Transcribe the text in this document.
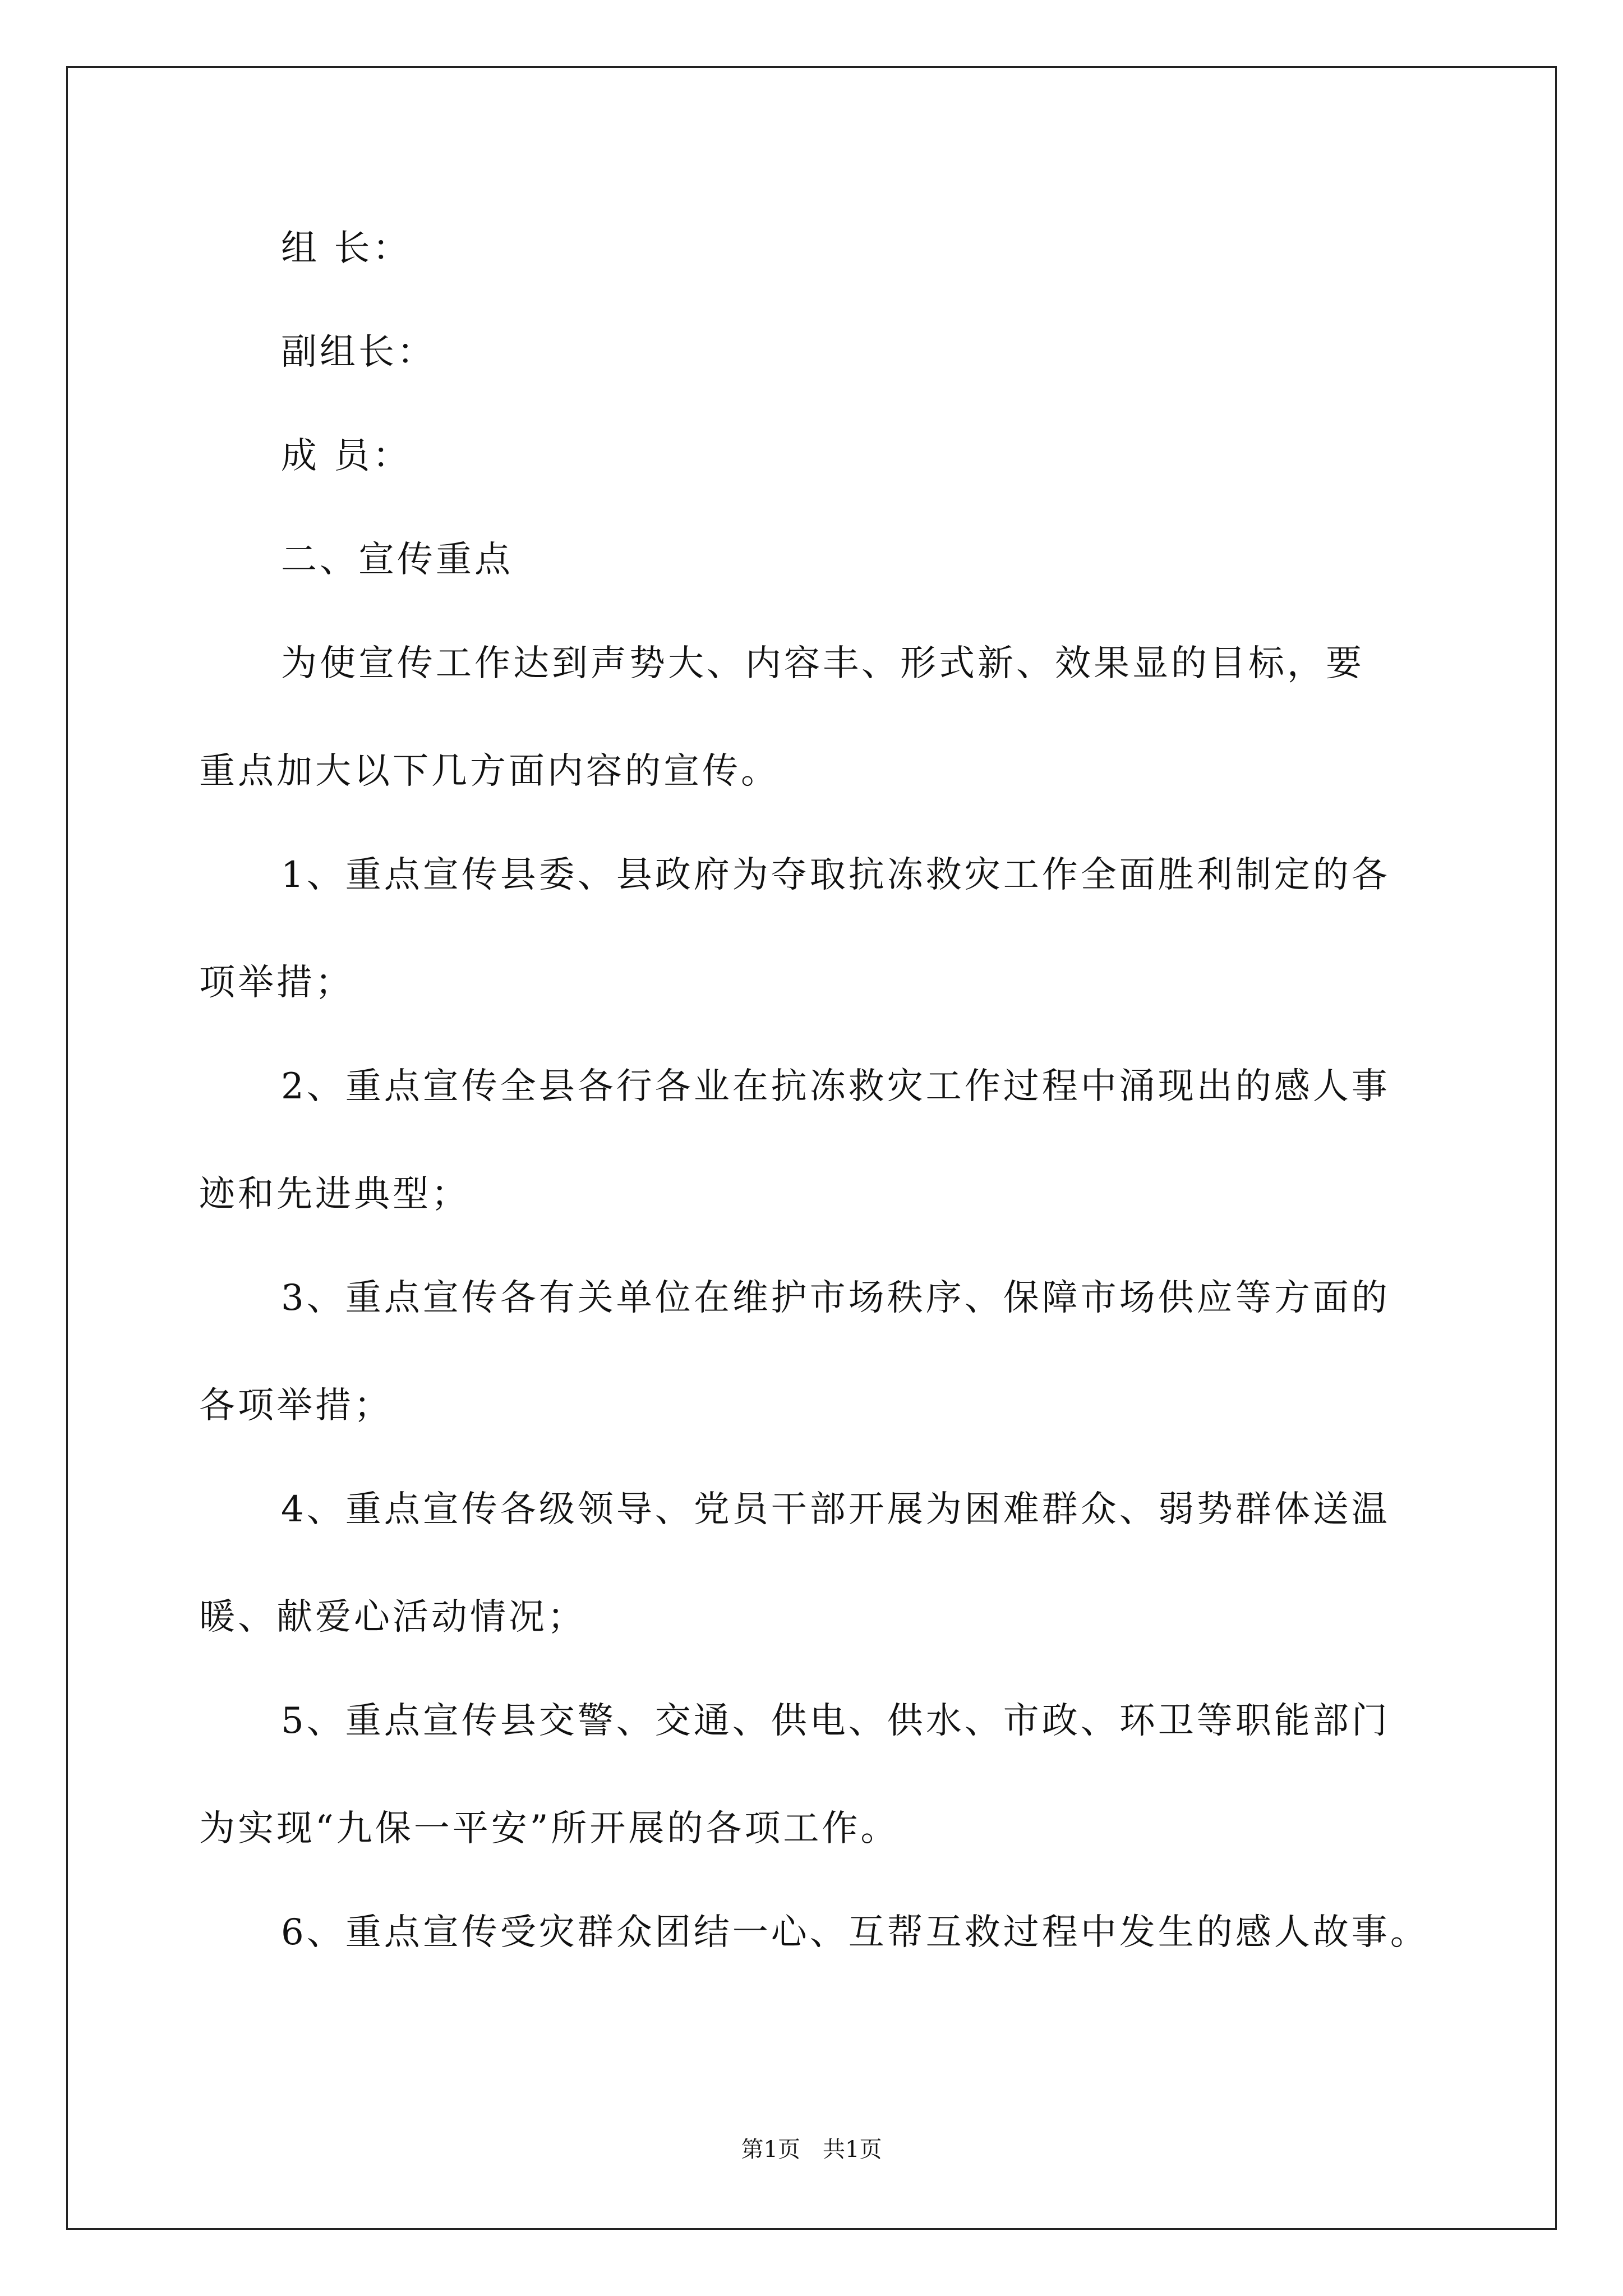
组 长：
副组长：
成 员：
二、宣传重点
为使宣传工作达到声势大、内容丰、形式新、效果显的目标，要
重点加大以下几方面内容的宣传。
1、重点宣传县委、县政府为夺取抗冻救灾工作全面胜利制定的各
项举措；
2、重点宣传全县各行各业在抗冻救灾工作过程中涌现出的感人事
迹和先进典型；
3、重点宣传各有关单位在维护市场秩序、保障市场供应等方面的
各项举措；
4、重点宣传各级领导、党员干部开展为困难群众、弱势群体送温
暖、献爱心活动情况；
5、重点宣传县交警、交通、供电、供水、市政、环卫等职能部门
为实现“九保一平安”所开展的各项工作。
6、重点宣传受灾群众团结一心、互帮互救过程中发生的感人故事。
第1页 共1页
